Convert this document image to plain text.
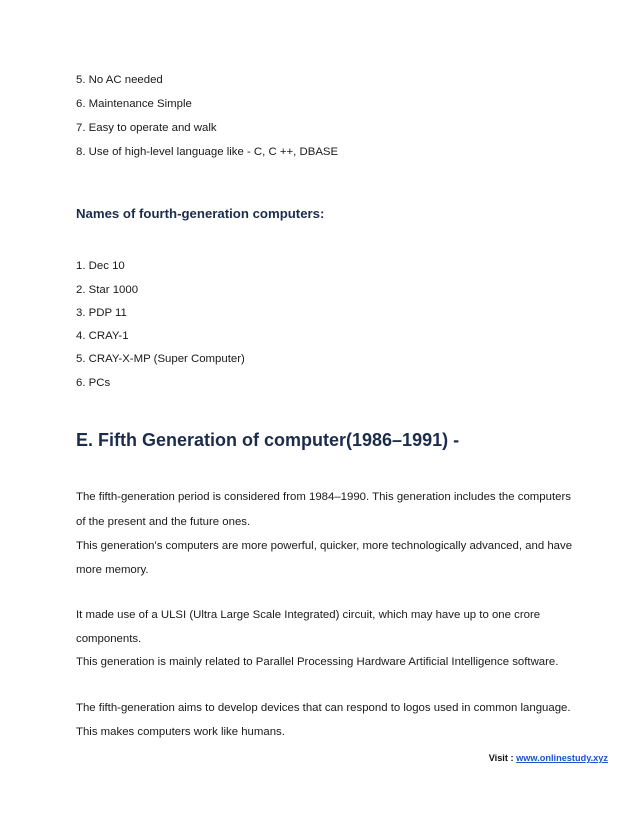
5. No AC needed
6. Maintenance Simple
7. Easy to operate and walk
8. Use of high-level language like - C, C ++, DBASE
Names of fourth-generation computers:
1. Dec 10
2. Star 1000
3. PDP 11
4. CRAY-1
5. CRAY-X-MP (Super Computer)
6. PCs
E. Fifth Generation of computer(1986–1991) -
The fifth-generation period is considered from 1984–1990. This generation includes the computers
of the present and the future ones.
This generation's computers are more powerful, quicker, more technologically advanced, and have
more memory.
It made use of a ULSI (Ultra Large Scale Integrated) circuit, which may have up to one crore
components.
This generation is mainly related to Parallel Processing Hardware Artificial Intelligence software.
The fifth-generation aims to develop devices that can respond to logos used in common language.
This makes computers work like humans.
Visit : www.onlinestudy.xyz
